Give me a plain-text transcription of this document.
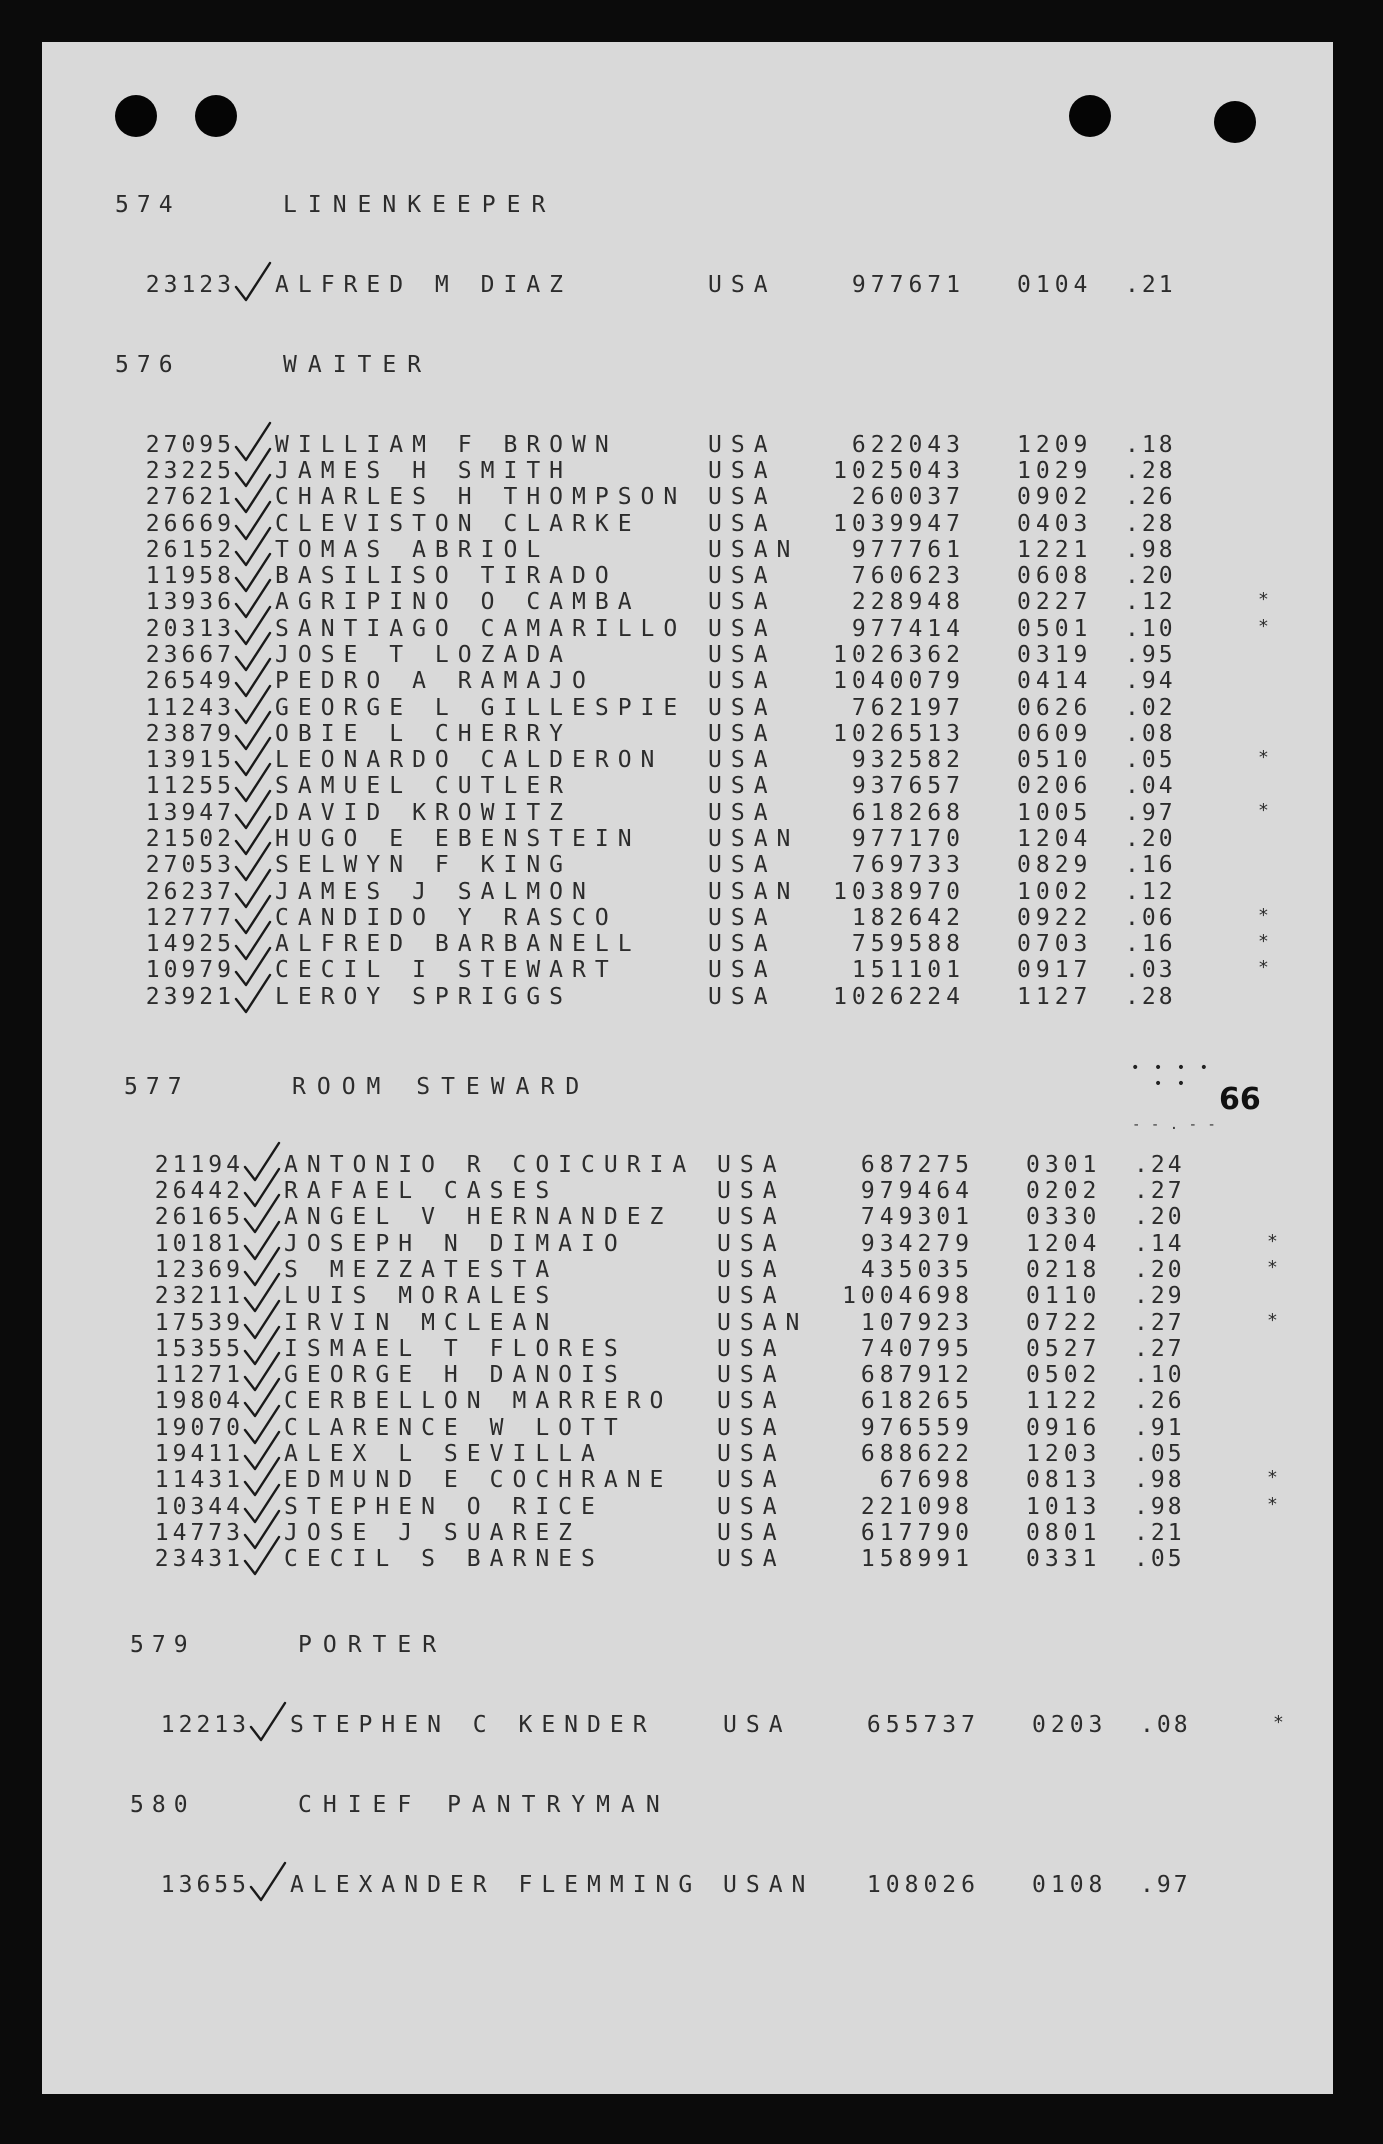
574	LINENKEEPER
23123 ALFRED M DIAZ	USA	977671 0104 .21
576	WAITER
27095 WILLIAM F BROWN	USA	622043 1209 .18
23225 JAMES H SMITH	USA	1025043 1029 .28
27621 CHARLES H THOMPSON USA	260037 0902 .26
26669 CLEVISTON CLARKE	USA	1039947 0403 .28
26152 TOMAS ABRIOL	USAN	977761 1221 .98
11958 BASILISO TIRADO	USA	760623 0608 .20
13936 AGRIPINO O CAMBA	USA	228948 0227 .12	*
20313 SANTIAGO CAMARILLO USA	977414 0501 .10	*
23667 JOSE T LOZADA	USA	1026362 0319 .95
26549 PEDRO A RAMAJO	USA	1040079 0414 .94
11243 GEORGE L GILLESPIE USA	762197 0626 .02
23879 OBIE L CHERRY	USA	1026513 0609 .08
13915 LEONARDO CALDERON USA	932582 0510 .05	*
11255 SAMUEL CUTLER	USA	937657 0206 .04
13947 DAVID KROWITZ	USA	618268 1005 .97	*
21502 HUGO E EBENSTEIN	USAN	977170 1204 .20
27053 SELWYN F KING	USA	769733 0829 .16
26237 JAMES J SALMON	USAN	1038970 1002 .12
12777 CANDIDO Y RASCO	USA	182642 0922 .06	*
14925 ALFRED BARBANELL	USA	759588 0703 .16	*
10979 CECIL I STEWART	USA	151101 0917 .03	*
23921 LEROY SPRIGGS	USA	1026224 1127 .28
577	ROOM STEWARD
21194 ANTONIO R COICURIA USA	687275 0301 .24
26442 RAFAEL CASES	USA	979464 0202 .27
26165 ANGEL V HERNANDEZ USA	749301 0330 .20
10181 JOSEPH N DIMAIO	USA	934279 1204 .14	*
12369 S MEZZATESTA	USA	435035 0218 .20	*
23211 LUIS MORALES	USA	1004698 0110 .29
17539 IRVIN MCLEAN	USAN	107923 0722 .27	*
15355 ISMAEL T FLORES	USA	740795 0527 .27
11271 GEORGE H DANOIS	USA	687912 0502 .10
19804 CERBELLON MARRERO USA	618265 1122 .26
19070 CLARENCE W LOTT	USA	976559 0916 .91
19411 ALEX L SEVILLA	USA	688622 1203 .05
11431 EDMUND E COCHRANE USA	67698 0813 .98	*
10344 STEPHEN O RICE	USA	221098 1013 .98	*
14773 JOSE J SUAREZ	USA	617790 0801 .21
23431 CECIL S BARNES	USA	158991 0331 .05
579	PORTER
12213 STEPHEN C KENDER	USA	655737 0203 .08	*
580	CHIEF PANTRYMAN
13655 ALEXANDER FLEMMING USAN	108026 0108 .97
• • • •
• •	66
- - . - -
